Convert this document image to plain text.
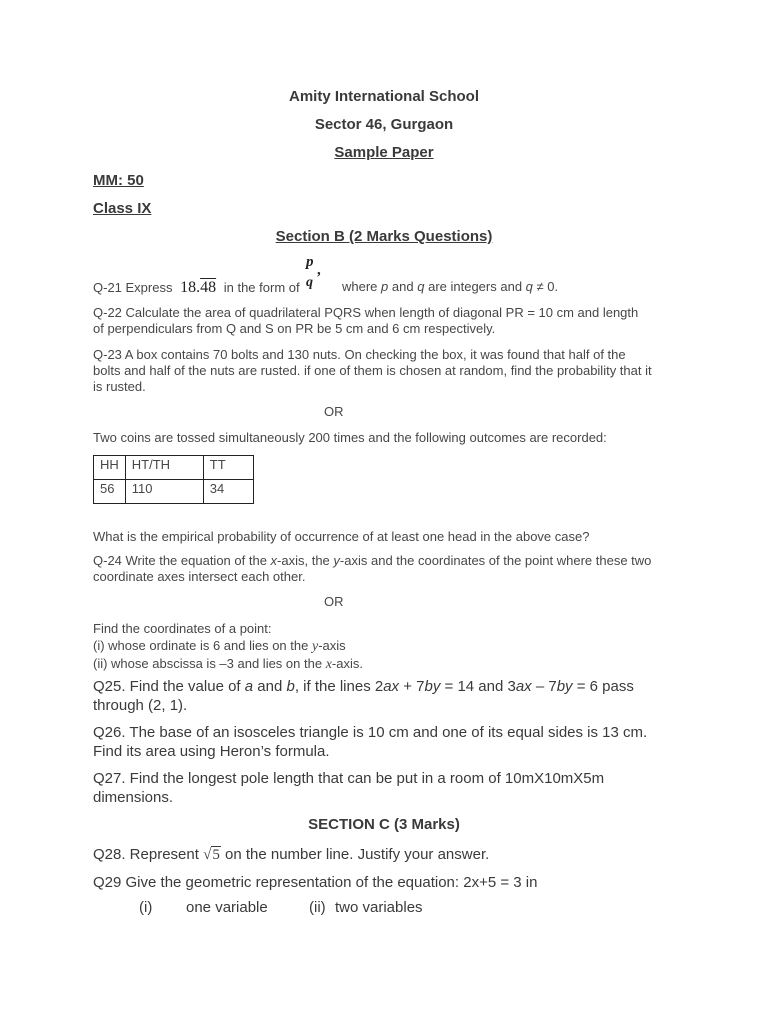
Amity International School
Sector 46, Gurgaon
Sample Paper
MM: 50
Class IX
Section B (2 Marks Questions)
Q-21 Express 18.48 in the form of
p ,
q where p and q are integers and q ≠ 0.
Q-22 Calculate the area of quadrilateral PQRS when length of diagonal PR = 10 cm and length
of perpendiculars from Q and S on PR be 5 cm and 6 cm respectively.
Q-23 A box contains 70 bolts and 130 nuts. On checking the box, it was found that half of the
bolts and half of the nuts are rusted. if one of them is chosen at random, find the probability that it
is rusted.
OR
Two coins are tossed simultaneously 200 times and the following outcomes are recorded:
HH	HT/TH	TT
56	110	34
What is the empirical probability of occurrence of at least one head in the above case?
Q-24 Write the equation of the x-axis, the y-axis and the coordinates of the point where these two
coordinate axes intersect each other.
OR
Find the coordinates of a point:
(i) whose ordinate is 6 and lies on the y-axis
(ii) whose abscissa is –3 and lies on the x-axis.
Q25. Find the value of a and b, if the lines 2ax + 7by = 14 and 3ax – 7by = 6 pass
through (2, 1).
Q26. The base of an isosceles triangle is 10 cm and one of its equal sides is 13 cm.
Find its area using Heron’s formula.
Q27. Find the longest pole length that can be put in a room of 10mX10mX5m
dimensions.
SECTION C (3 Marks)
Q28. Represent √5 on the number line. Justify your answer.
Q29 Give the geometric representation of the equation: 2x+5 = 3 in
(i) one variable	(ii) two variables
